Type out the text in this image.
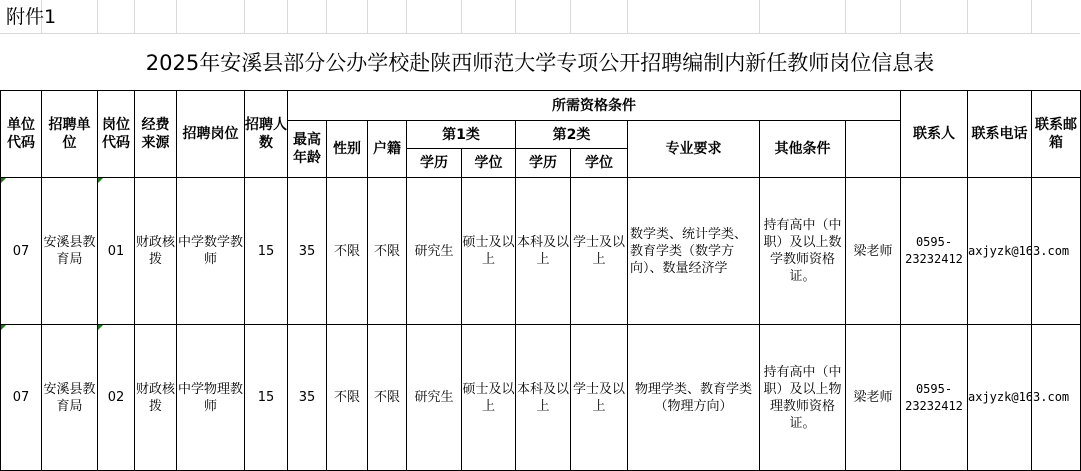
附件1
2025年安溪县部分公办学校赴陕西师范大学专项公开招聘编制内新任教师岗位信息表
单位代码	招聘单位	岗位代码	经费来源	招聘岗位	招聘人数	所需资格条件										联系人	联系电话	联系邮箱	
						最高年龄	性别	户籍	第1类		第2类		专业要求	其他条件					
									学历	学位	学历	学位							
07	安溪县教育局	01	财政核拨	中学数学教师	15	35	不限	不限	研究生	硕士及以上	本科及以上	学士及以上	数学类、统计学类、教育学类（数学方向）、数量经济学	持有高中（中职）及以上数学教师资格证。	梁老师	0595-23232412	axjyzk@163.com		
07	安溪县教育局	02	财政核拨	中学物理教师	15	35	不限	不限	研究生	硕士及以上	本科及以上	学士及以上	物理学类、教育学类（物理方向）	持有高中（中职）及以上物理教师资格证。	梁老师	0595-23232412	axjyzk@163.com		
